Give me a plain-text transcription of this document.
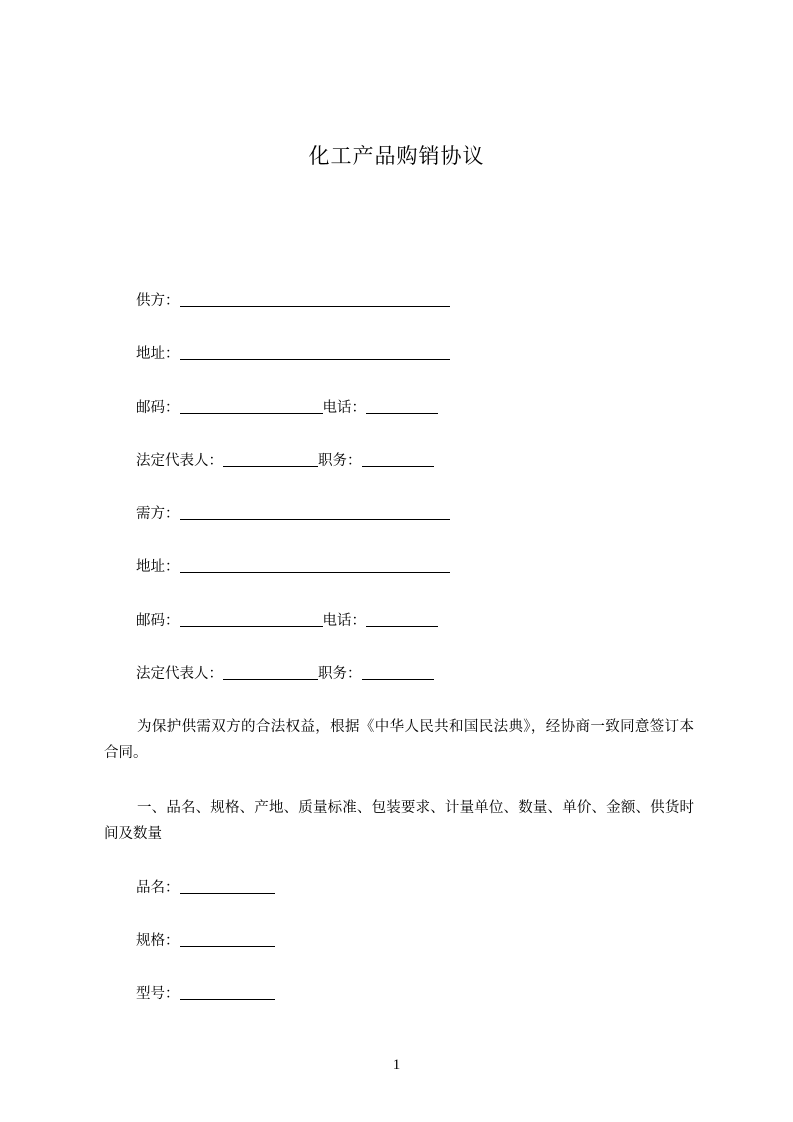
化工产品购销协议
供方：
地址：
邮码：	电话：
法定代表人：	职务：
需方：
地址：
邮码：	电话：
法定代表人：	职务：
为保护供需双方的合法权益，根据《中华人民共和国民法典》，经协商一致同意签订本合同。
一、品名、规格、产地、质量标准、包装要求、计量单位、数量、单价、金额、供货时间及数量
品名：
规格：
型号：
1
